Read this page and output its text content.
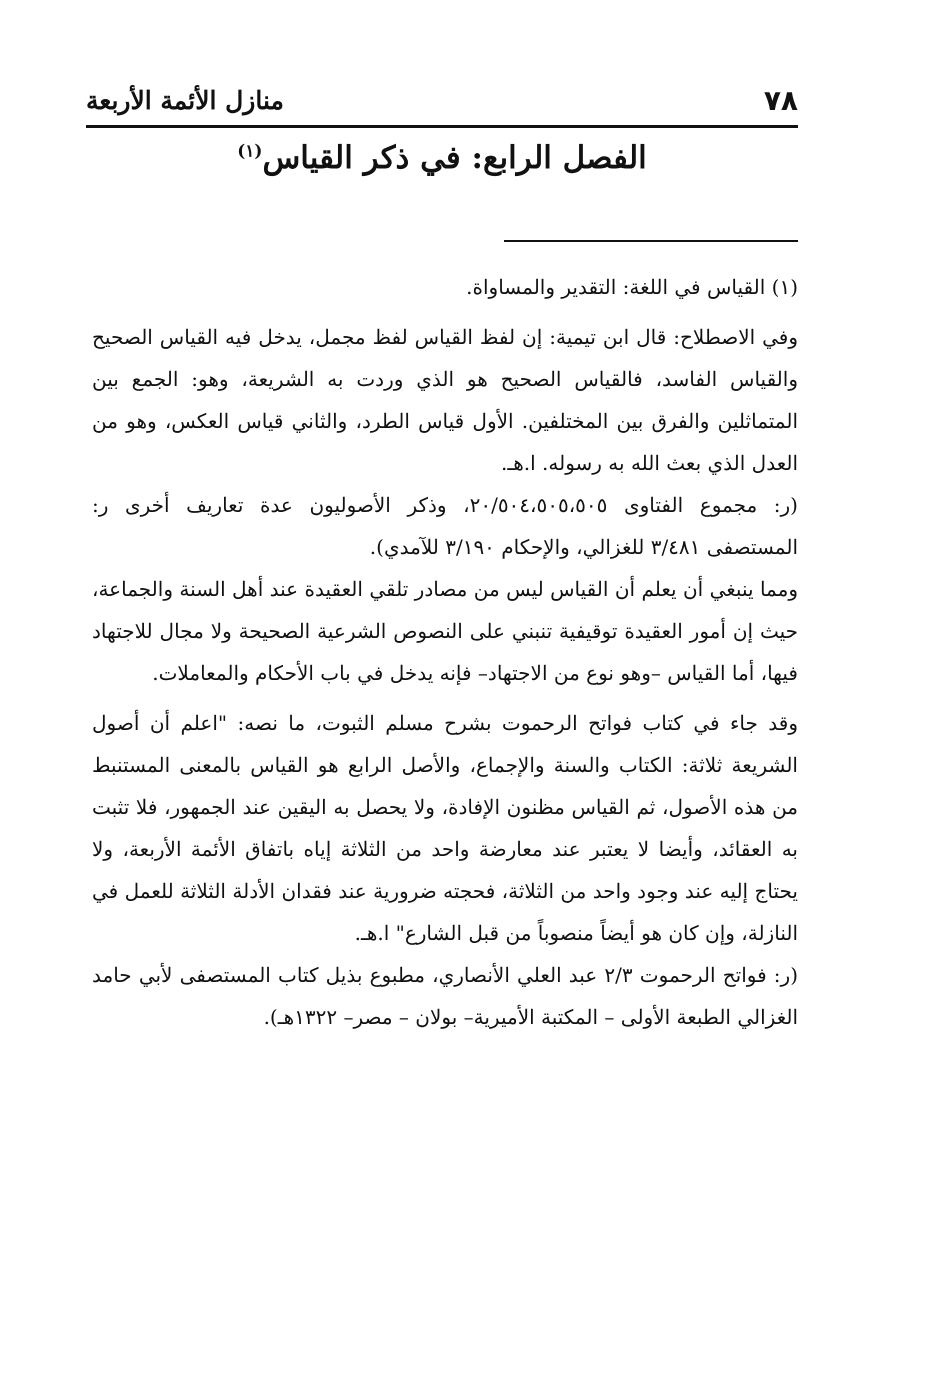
٧٨
منازل الأئمة الأربعة
الفصل الرابع: في ذكر القياس$^{(١)}$

(١) القياس في اللغة: التقدير والمساواة.

وفي الاصطلاح: قال ابن تيمية: إن لفظ القياس لفظ مجمل، يدخل فيه القياس الصحيح والقياس الفاسد، فالقياس الصحيح هو الذي وردت به الشريعة، وهو: الجمع بين المتماثلين والفرق بين المختلفين. الأول قياس الطرد، والثاني قياس العكس، وهو من العدل الذي بعث الله به رسوله. ا.هـ.

(ر: مجموع الفتاوى ٢٠/٥٠٤،٥٠٥،٥٠٥، وذكر الأصوليون عدة تعاريف أخرى ر: المستصفى ٣/٤٨١ للغزالي، والإحكام ٣/١٩٠ للآمدي).

ومما ينبغي أن يعلم أن القياس ليس من مصادر تلقي العقيدة عند أهل السنة والجماعة، حيث إن أمور العقيدة توقيفية تنبني على النصوص الشرعية الصحيحة ولا مجال للاجتهاد فيها، أما القياس –وهو نوع من الاجتهاد– فإنه يدخل في باب الأحكام والمعاملات.

وقد جاء في كتاب فواتح الرحموت بشرح مسلم الثبوت، ما نصه: "اعلم أن أصول الشريعة ثلاثة: الكتاب والسنة والإجماع، والأصل الرابع هو القياس بالمعنى المستنبط من هذه الأصول، ثم القياس مظنون الإفادة، ولا يحصل به اليقين عند الجمهور، فلا تثبت به العقائد، وأيضا لا يعتبر عند معارضة واحد من الثلاثة إياه باتفاق الأئمة الأربعة، ولا يحتاج إليه عند وجود واحد من الثلاثة، فحجته ضرورية عند فقدان الأدلة الثلاثة للعمل في النازلة، وإن كان هو أيضاً منصوباً من قبل الشارع" ا.هـ.

(ر: فواتح الرحموت ٢/٣ عبد العلي الأنصاري، مطبوع بذيل كتاب المستصفى لأبي حامد الغزالي الطبعة الأولى – المكتبة الأميرية– بولان – مصر– ١٣٢٢هـ).
